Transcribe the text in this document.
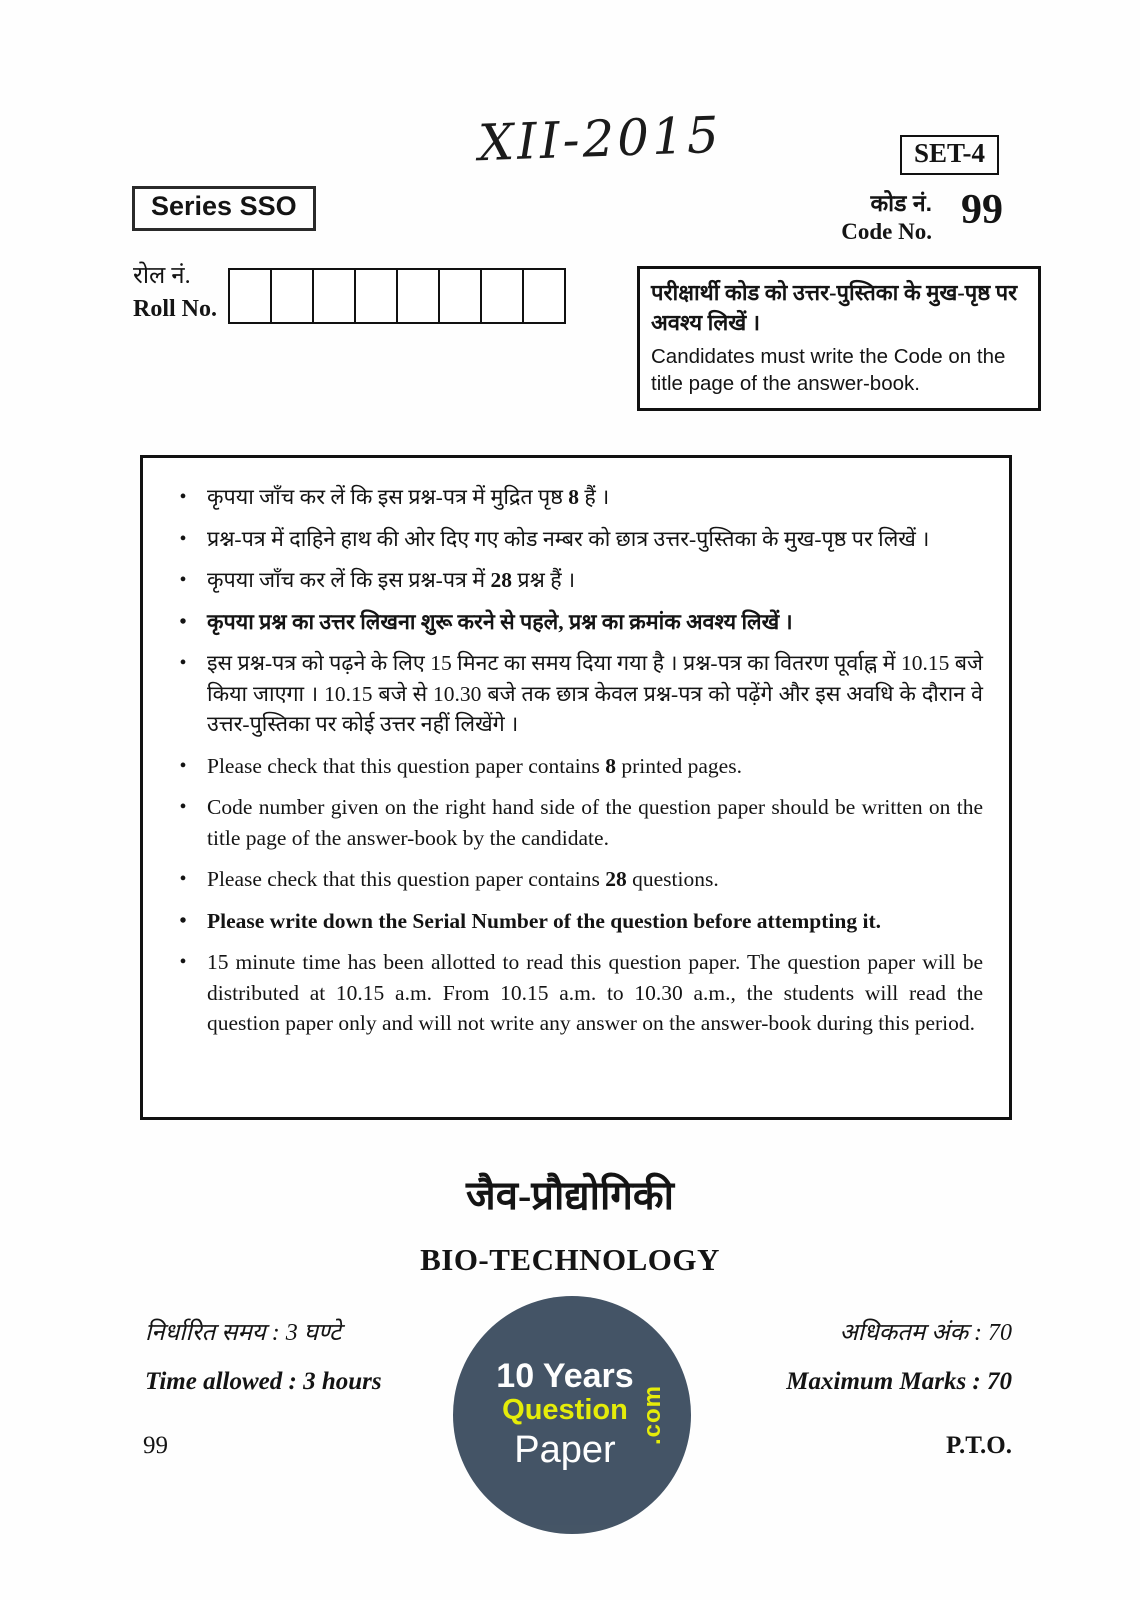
XII-2015	SET-4
Series SSO	कोड नं.
Code No. 99
रोल नं.
Roll No.
परीक्षार्थी कोड को उत्तर-पुस्तिका के मुख-पृष्ठ पर अवश्य लिखें ।
Candidates must write the Code on the title page of the answer-book.
• कृपया जाँच कर लें कि इस प्रश्न-पत्र में मुद्रित पृष्ठ 8 हैं ।
• प्रश्न-पत्र में दाहिने हाथ की ओर दिए गए कोड नम्बर को छात्र उत्तर-पुस्तिका के मुख-पृष्ठ पर लिखें ।
• कृपया जाँच कर लें कि इस प्रश्न-पत्र में 28 प्रश्न हैं ।
• कृपया प्रश्न का उत्तर लिखना शुरू करने से पहले, प्रश्न का क्रमांक अवश्य लिखें ।
• इस प्रश्न-पत्र को पढ़ने के लिए 15 मिनट का समय दिया गया है । प्रश्न-पत्र का वितरण पूर्वाह्न में 10.15 बजे किया जाएगा । 10.15 बजे से 10.30 बजे तक छात्र केवल प्रश्न-पत्र को पढ़ेंगे और इस अवधि के दौरान वे उत्तर-पुस्तिका पर कोई उत्तर नहीं लिखेंगे ।
• Please check that this question paper contains 8 printed pages.
• Code number given on the right hand side of the question paper should be written on the title page of the answer-book by the candidate.
• Please check that this question paper contains 28 questions.
• Please write down the Serial Number of the question before attempting it.
• 15 minute time has been allotted to read this question paper. The question paper will be distributed at 10.15 a.m. From 10.15 a.m. to 10.30 a.m., the students will read the question paper only and will not write any answer on the answer-book during this period.
जैव-प्रौद्योगिकी
BIO-TECHNOLOGY
निर्धारित समय : 3 घण्टे
Time allowed : 3 hours
अधिकतम अंक : 70
Maximum Marks : 70
99	P.T.O.
10 Years
Question
Paper
.com
